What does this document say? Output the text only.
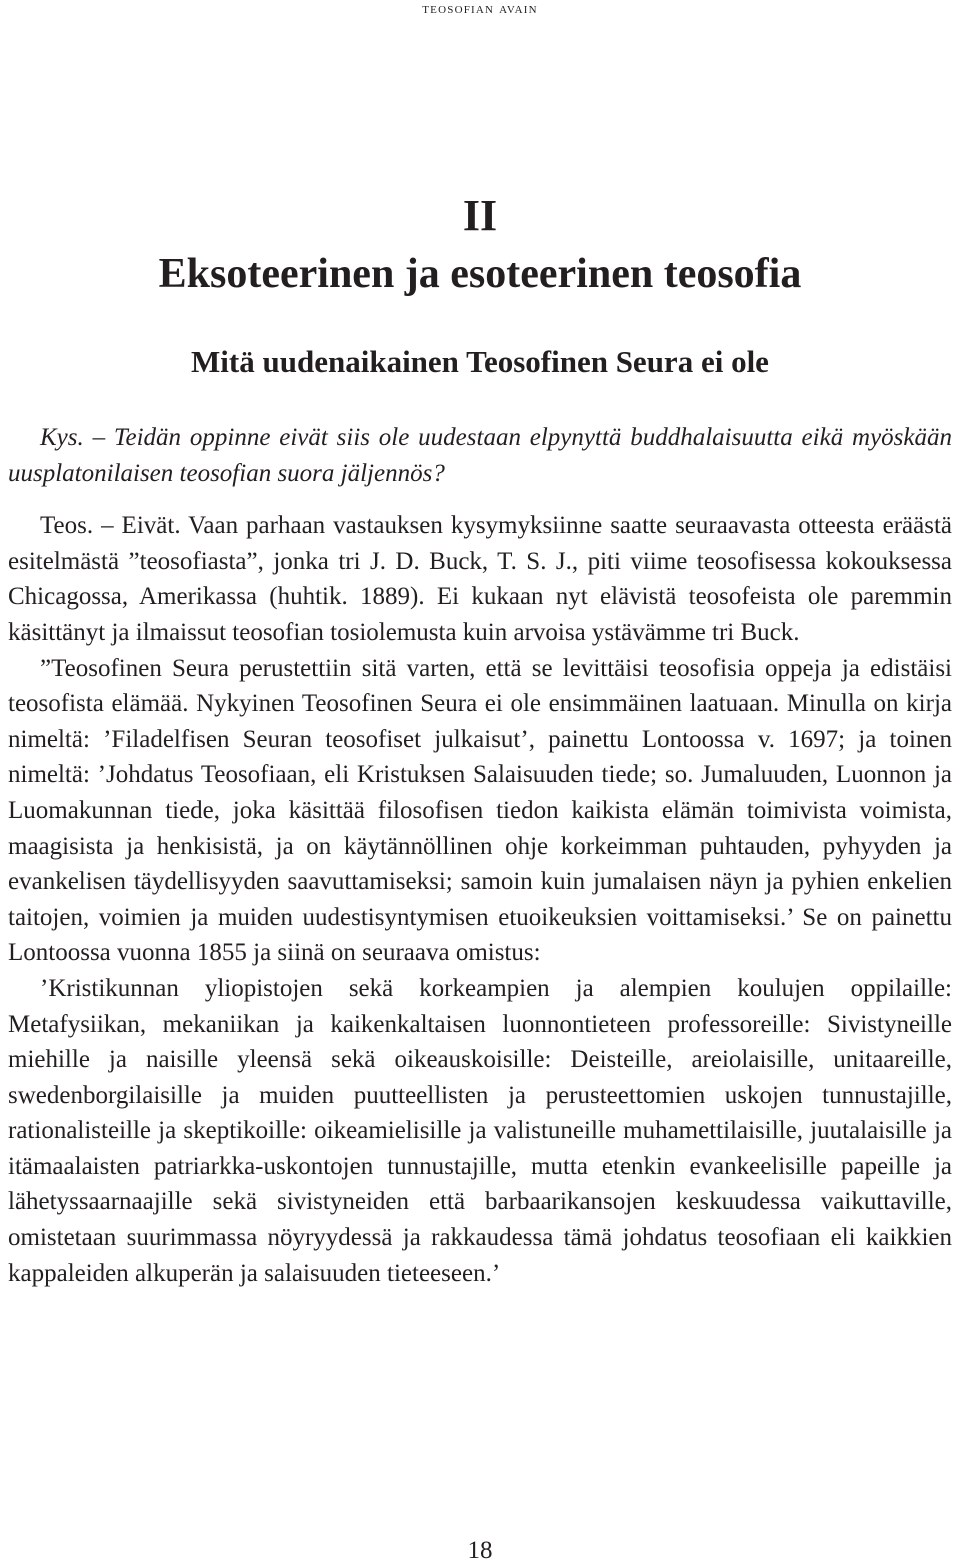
teosofian avain
II
Eksoteerinen ja esoteerinen teosofia
Mitä uudenaikainen Teosofinen Seura ei ole

Kys. – Teidän oppinne eivät siis ole uudestaan elpynyttä buddhalaisuutta eikä myöskään uusplatonilaisen teosofian suora jäljennös?

Teos. – Eivät. Vaan parhaan vastauksen kysymyksiinne saatte seuraavasta otteesta eräästä esitelmästä ”teosofiasta”, jonka tri J. D. Buck, T. S. J., piti viime teosofisessa kokouksessa Chicagossa, Amerikassa (huhtik. 1889). Ei kukaan nyt elävistä teosofeista ole paremmin käsittänyt ja ilmaissut teosofian tosiolemusta kuin arvoisa ystävämme tri Buck.

”Teosofinen Seura perustettiin sitä varten, että se levittäisi teosofisia oppeja ja edistäisi teosofista elämää. Nykyinen Teosofinen Seura ei ole ensimmäinen laatuaan. Minulla on kirja nimeltä: ’Filadelfisen Seuran teosofiset julkaisut’, painettu Lontoossa v. 1697; ja toinen nimeltä: ’Johdatus Teosofiaan, eli Kristuksen Salaisuuden tiede; so. Jumaluuden, Luonnon ja Luomakunnan tiede, joka käsittää filosofisen tiedon kaikista elämän toimivista voimista, maagisista ja henkisistä, ja on käytännöllinen ohje korkeimman puhtauden, pyhyyden ja evankelisen täydellisyyden saavuttamiseksi; samoin kuin jumalaisen näyn ja pyhien enkelien taitojen, voimien ja muiden uudestisyntymisen etuoikeuksien voittamiseksi.’ Se on painettu Lontoossa vuonna 1855 ja siinä on seuraava omistus:

’Kristikunnan yliopistojen sekä korkeampien ja alempien koulujen oppilaille: Metafysiikan, mekaniikan ja kaikenkaltaisen luonnontieteen professoreille: Sivistyneille miehille ja naisille yleensä sekä oikeauskoisille: Deisteille, areiolaisille, unitaareille, swedenborgilaisille ja muiden puutteellisten ja perusteettomien uskojen tunnustajille, rationalisteille ja skeptikoille: oikeamielisille ja valistuneille muhamettilaisille, juutalaisille ja itämaalaisten patriarkka-uskontojen tunnustajille, mutta etenkin evankeelisille papeille ja lähetyssaarnaajille sekä sivistyneiden että barbaarikansojen keskuudessa vaikuttaville, omistetaan suurimmassa nöyryydessä ja rakkaudessa tämä johdatus teosofiaan eli kaikkien kappaleiden alkuperän ja salaisuuden tieteeseen.’

18
